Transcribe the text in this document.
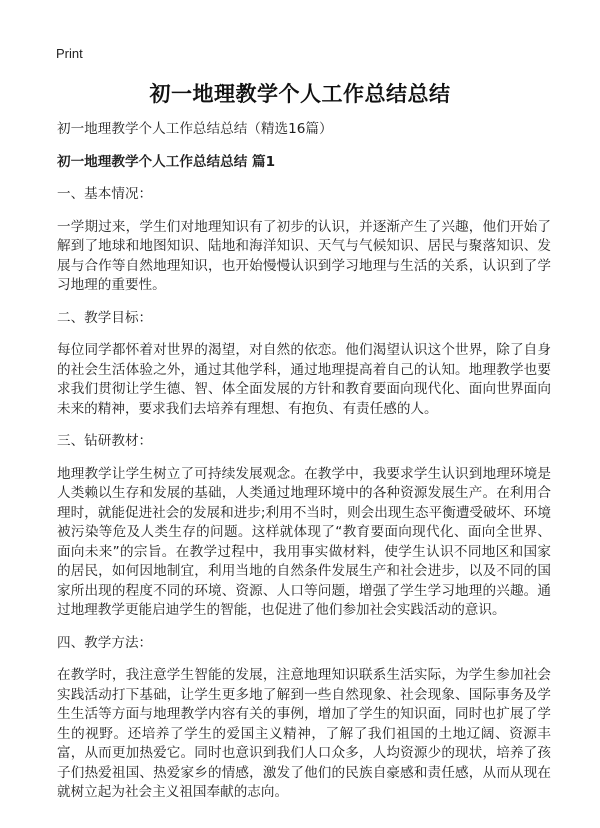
Print
初一地理教学个人工作总结总结

初一地理教学个人工作总结总结（精选16篇）

初一地理教学个人工作总结总结 篇1

一、基本情况：

一学期过来，学生们对地理知识有了初步的认识，并逐渐产生了兴趣，他们开始了解到了地球和地图知识、陆地和海洋知识、天气与气候知识、居民与聚落知识、发展与合作等自然地理知识，也开始慢慢认识到学习地理与生活的关系，认识到了学习地理的重要性。

二、教学目标：

每位同学都怀着对世界的渴望，对自然的依恋。他们渴望认识这个世界，除了自身的社会生活体验之外，通过其他学科，通过地理提高着自己的认知。地理教学也要求我们贯彻让学生德、智、体全面发展的方针和教育要面向现代化、面向世界面向未来的精神，要求我们去培养有理想、有抱负、有责任感的人。

三、钻研教材：

地理教学让学生树立了可持续发展观念。在教学中，我要求学生认识到地理环境是人类赖以生存和发展的基础，人类通过地理环境中的各种资源发展生产。在利用合理时，就能促进社会的发展和进步;利用不当时，则会出现生态平衡遭受破坏、环境被污染等危及人类生存的问题。这样就体现了“教育要面向现代化、面向全世界、面向未来”的宗旨。在教学过程中，我用事实做材料，使学生认识不同地区和国家的居民，如何因地制宜，利用当地的自然条件发展生产和社会进步，以及不同的国家所出现的程度不同的环境、资源、人口等问题，增强了学生学习地理的兴趣。通过地理教学更能启迪学生的智能，也促进了他们参加社会实践活动的意识。

四、教学方法：

在教学时，我注意学生智能的发展，注意地理知识联系生活实际，为学生参加社会实践活动打下基础，让学生更多地了解到一些自然现象、社会现象、国际事务及学生生活等方面与地理教学内容有关的事例，增加了学生的知识面，同时也扩展了学生的视野。还培养了学生的爱国主义精神，了解了我们祖国的土地辽阔、资源丰富，从而更加热爱它。同时也意识到我们人口众多，人均资源少的现状，培养了孩子们热爱祖国、热爱家乡的情感，激发了他们的民族自豪感和责任感，从而从现在就树立起为社会主义祖国奉献的志向。
